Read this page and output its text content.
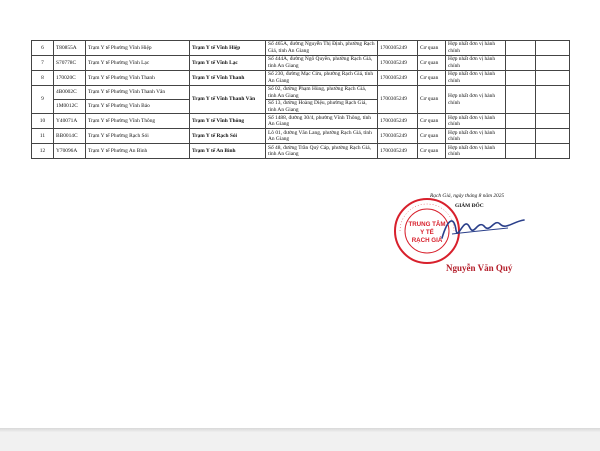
6	T80855A	Trạm Y tế Phường Vĩnh Hiệp	Trạm Y tế Vĩnh Hiệp	Số 465A, đường Nguyễn Thị Định, phường Rạch Giá, tỉnh An Giang	1700305249	Cơ quan	Hợp nhất đơn vị hành chính		
7	S70778C	Trạm Y tế Phường Vĩnh Lạc	Trạm Y tế Vĩnh Lạc	Số 444A, đường Ngô Quyền, phường Rạch Giá, tỉnh An Giang	1700305249	Cơ quan	Hợp nhất đơn vị hành chính		
8	170020C	Trạm Y tế Phường Vĩnh Thanh	Trạm Y tế Vĩnh Thanh	Số 230, đường Mạc Cửu, phường Rạch Giá, tỉnh An Giang	1700305249	Cơ quan	Hợp nhất đơn vị hành chính		
9	4B0002C	Trạm Y tế Phường Vĩnh Thanh Vân	Trạm Y tế Vĩnh Thanh Vân	Số 02, đường Phạm Hùng, phường Rạch Giá, tỉnh An Giang	1700305249	Cơ quan	Hợp nhất đơn vị hành chính		
	1M0012C	Trạm Y tế Phường Vĩnh Bảo		Số 13, đường Hoàng Diệu, phường Rạch Giá, tỉnh An Giang					
10	Y40071A	Trạm Y tế Phường Vĩnh Thông	Trạm Y tế Vĩnh Thông	Số 1488, đường 30/4, phường Vĩnh Thông, tỉnh An Giang	1700305249	Cơ quan	Hợp nhất đơn vị hành chính		
11	BB0014C	Trạm Y tế Phường Rạch Sỏi	Trạm Y tế Rạch Sỏi	Lô 01, đường Văn Lang, phường Rạch Giá, tỉnh An Giang	1700305249	Cơ quan	Hợp nhất đơn vị hành chính		
12	Y70096A	Trạm Y tế Phường An Bình	Trạm Y tế An Bình	Số 48, đường Trần Quý Cáp, phường Rạch Giá, tỉnh An Giang	1700305249	Cơ quan	Hợp nhất đơn vị hành chính		
Rạch Giá, ngày tháng 8 năm 2025
GIÁM ĐỐC
TRUNG TÂM
Y TẾ
RẠCH GIÁ
Nguyễn Văn Quý
